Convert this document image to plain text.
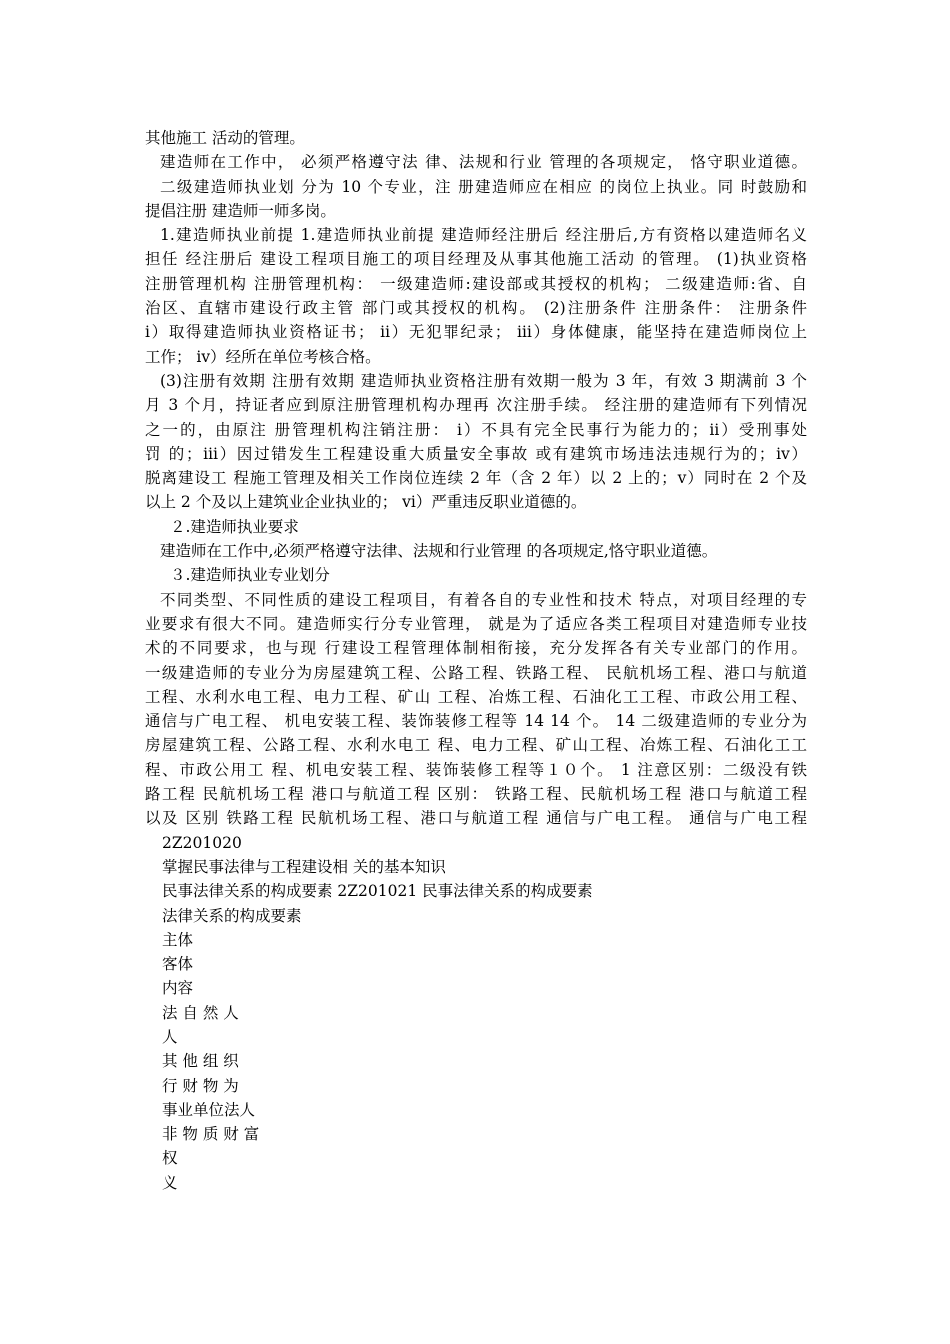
其他施工 活动的管理。
建造师在工作中， 必须严格遵守法 律、法规和行业 管理的各项规定， 恪守职业道德。
二级建造师执业划 分为 10 个专业，注 册建造师应在相应 的岗位上执业。同 时鼓励和
提倡注册 建造师一师多岗。
1.建造师执业前提 1.建造师执业前提 建造师经注册后 经注册后,方有资格以建造师名义
担任 经注册后 建设工程项目施工的项目经理及从事其他施工活动 的管理。 (1)执业资格
注册管理机构 注册管理机构： 一级建造师:建设部或其授权的机构； 二级建造师:省、自
治区、直辖市建设行政主管 部门或其授权的机构。 (2)注册条件 注册条件： 注册条件
ⅰ）取得建造师执业资格证书； ⅱ）无犯罪纪录； ⅲ）身体健康，能坚持在建造师岗位上
工作； ⅳ）经所在单位考核合格。
(3)注册有效期 注册有效期 建造师执业资格注册有效期一般为 3 年，有效 3 期满前 3 个
月 3 个月，持证者应到原注册管理机构办理再 次注册手续。 经注册的建造师有下列情况
之一的，由原注 册管理机构注销注册： ⅰ）不具有完全民事行为能力的；ⅱ）受刑事处
罚 的；ⅲ）因过错发生工程建设重大质量安全事故 或有建筑市场违法违规行为的；ⅳ）
脱离建设工 程施工管理及相关工作岗位连续 2 年（含 2 年）以 2 上的；ⅴ）同时在 2 个及
以上 2 个及以上建筑业企业执业的； ⅵ）严重违反职业道德的。
２.建造师执业要求
建造师在工作中,必须严格遵守法律、法规和行业管理 的各项规定,恪守职业道德。
３.建造师执业专业划分
不同类型、不同性质的建设工程项目，有着各自的专业性和技术 特点，对项目经理的专
业要求有很大不同。建造师实行分专业管理， 就是为了适应各类工程项目对建造师专业技
术的不同要求，也与现 行建设工程管理体制相衔接，充分发挥各有关专业部门的作用。
一级建造师的专业分为房屋建筑工程、公路工程、铁路工程、 民航机场工程、港口与航道
工程、水利水电工程、电力工程、矿山 工程、冶炼工程、石油化工工程、市政公用工程、
通信与广电工程、 机电安装工程、装饰装修工程等 14 14 个。 14 二级建造师的专业分为
房屋建筑工程、公路工程、水利水电工 程、电力工程、矿山工程、冶炼工程、石油化工工
程、市政公用工 程、机电安装工程、装饰装修工程等１０个。 1 注意区别：二级没有铁
路工程 民航机场工程 港口与航道工程 区别： 铁路工程、民航机场工程 港口与航道工程
以及 区别 铁路工程 民航机场工程、港口与航道工程 通信与广电工程。 通信与广电工程
2Z201020
掌握民事法律与工程建设相 关的基本知识
民事法律关系的构成要素 2Z201021 民事法律关系的构成要素
法律关系的构成要素
主体
客体
内容
法 自 然 人
人
其 他 组 织
行 财 物 为
事业单位法人
非 物 质 财 富
权
义
